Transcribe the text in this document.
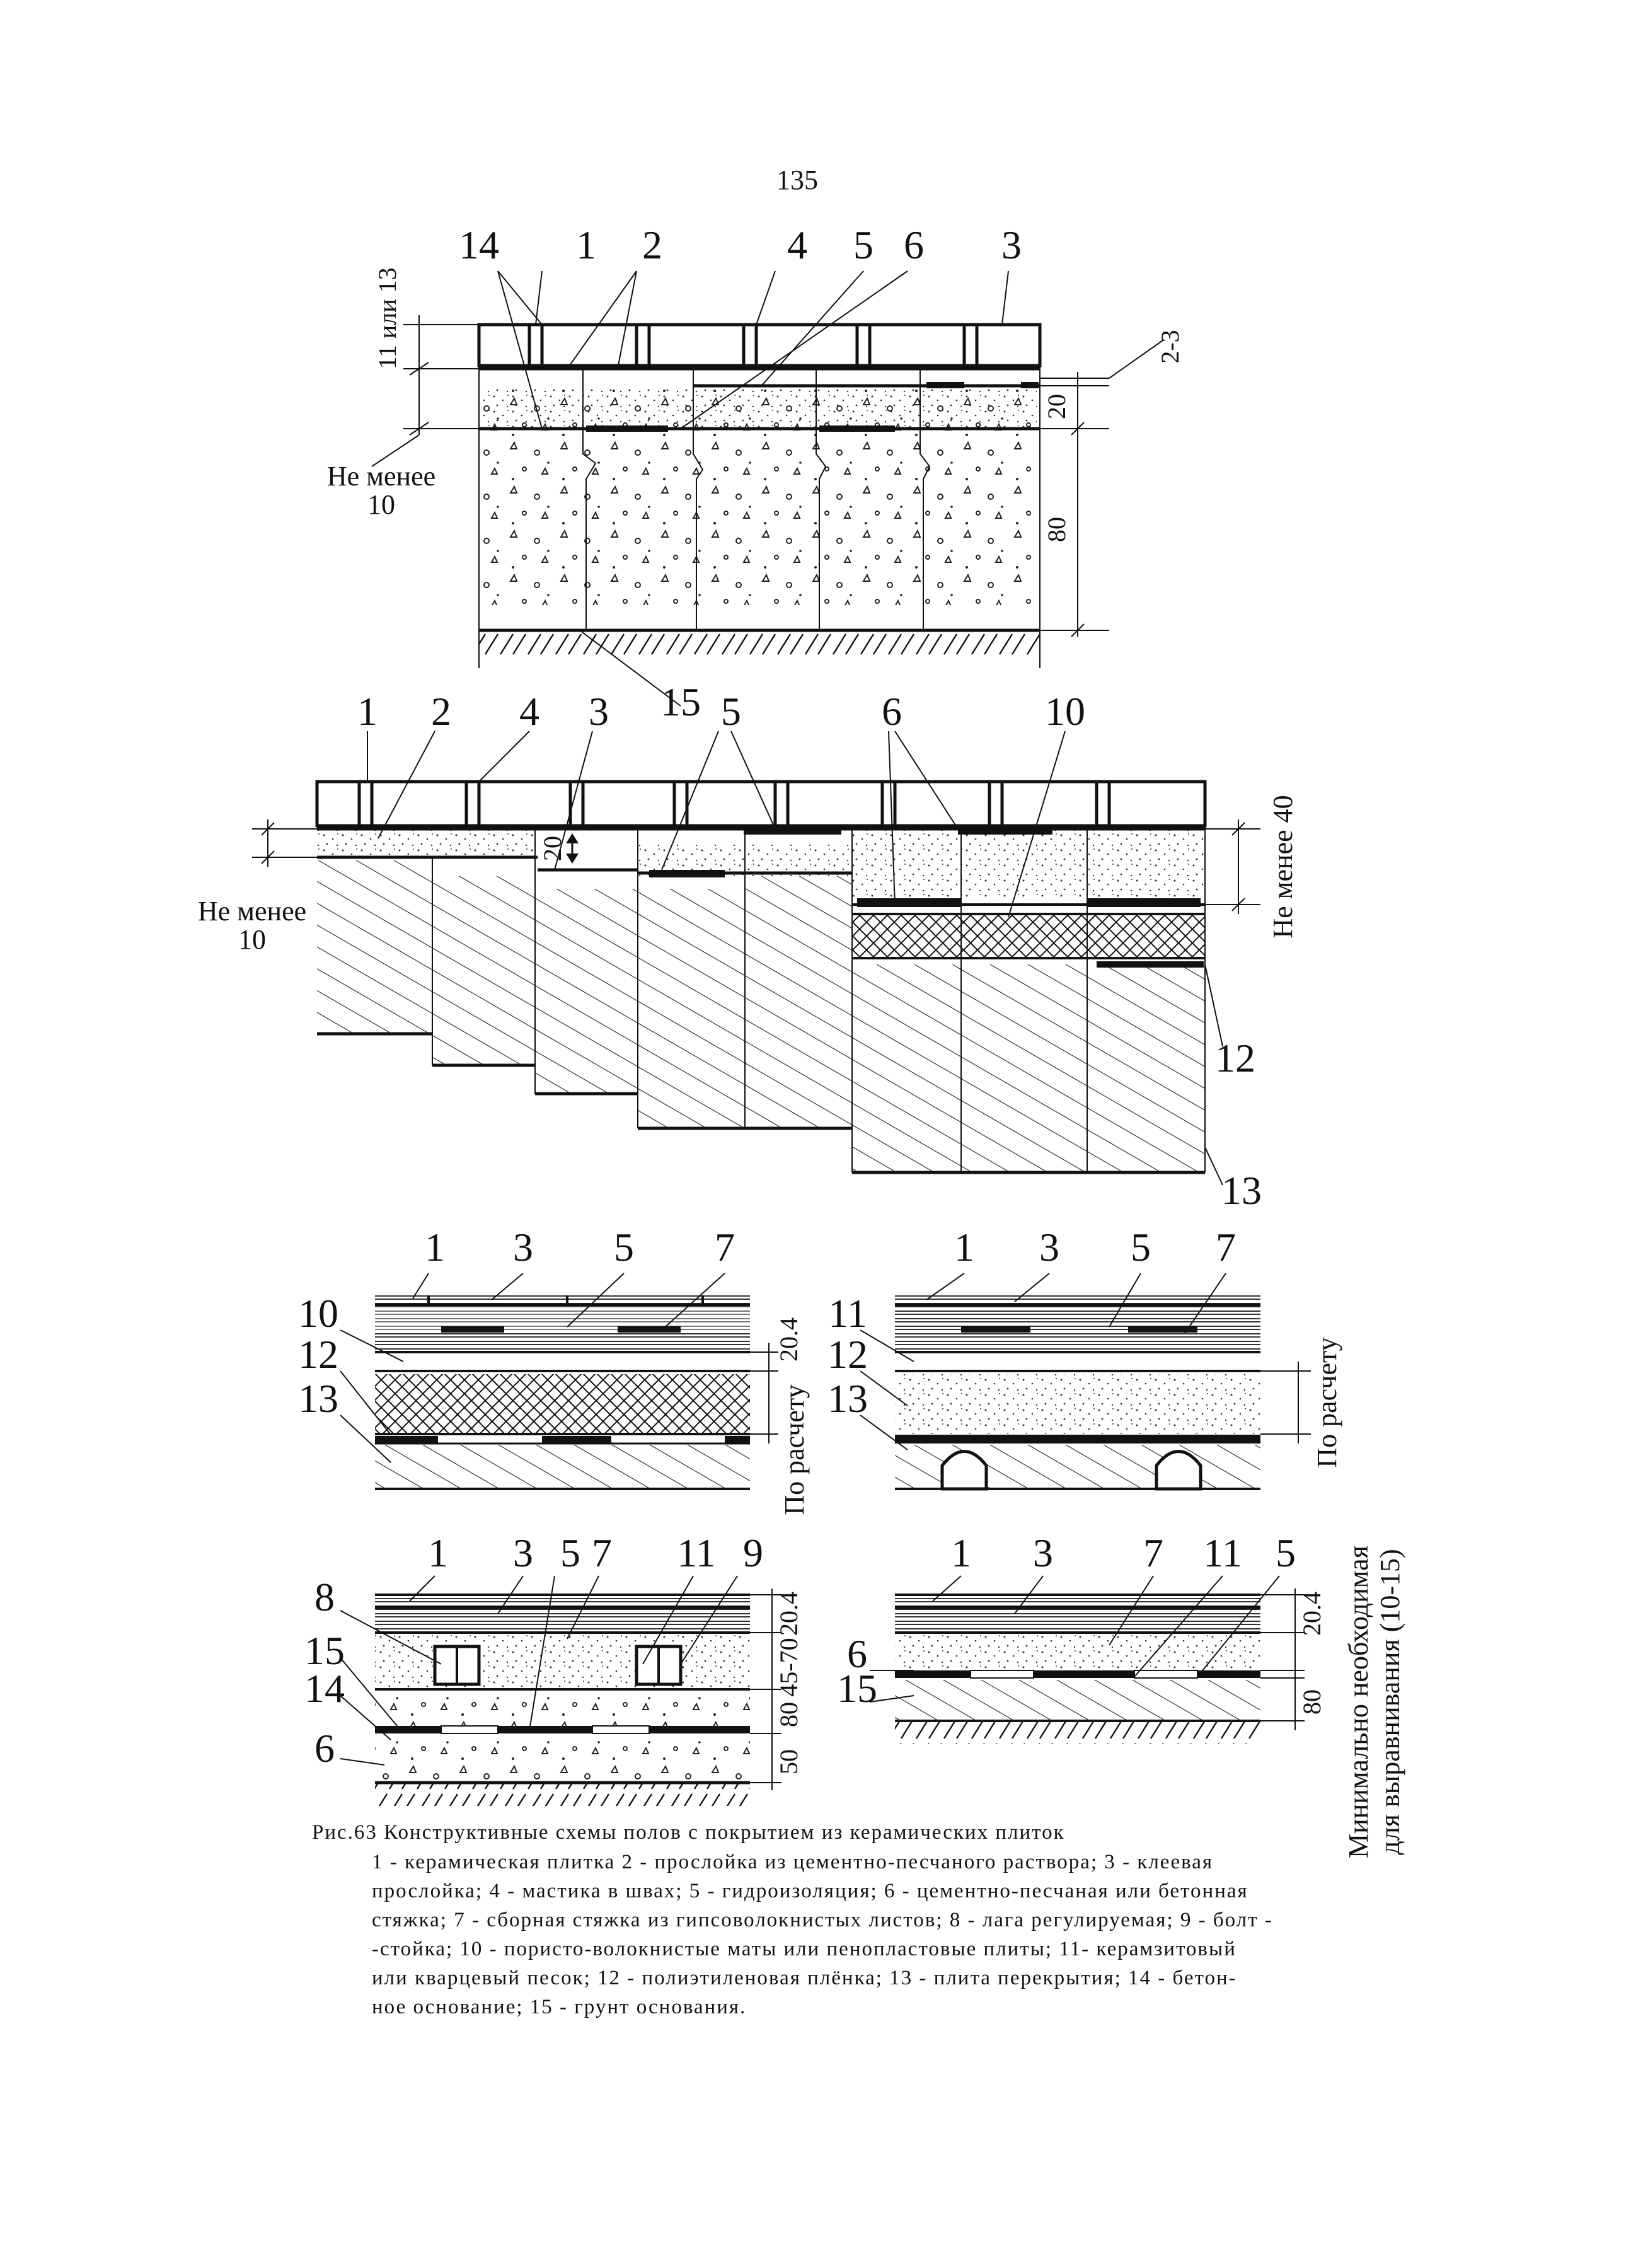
135
14 1 2	4 5 6 3
11 или 13	2-3
20
80
Не менее
10
15
1 2 4 3	5	6	10
20	Не менее 40
Не менее
10
12
13
1 3 5 7
10
12
13
20.4
По расчету
1 3 5 7
11
12
13	По расчету
1 3 5 7 11 9
8
15
14
6
20.4
45-70
80
50
1 3 7 11 5
6
15
20.4
80 Минимально необходимая для выравнивания (10-15)
Рис.63 Конструктивные схемы полов с покрытием из керамических плиток
1 - керамическая плитка 2 - прослойка из цементно-песчаного раствора; 3 - клеевая
прослойка; 4 - мастика в швах; 5 - гидроизоляция; 6 - цементно-песчаная или бетонная
стяжка; 7 - сборная стяжка из гипсоволокнистых листов; 8 - лага регулируемая; 9 - болт -
-стойка; 10 - пористо-волокнистые маты или пенопластовые плиты; 11- керамзитовый
или кварцевый песок; 12 - полиэтиленовая плёнка; 13 - плита перекрытия; 14 - бетон-
ное основание; 15 - грунт основания.
